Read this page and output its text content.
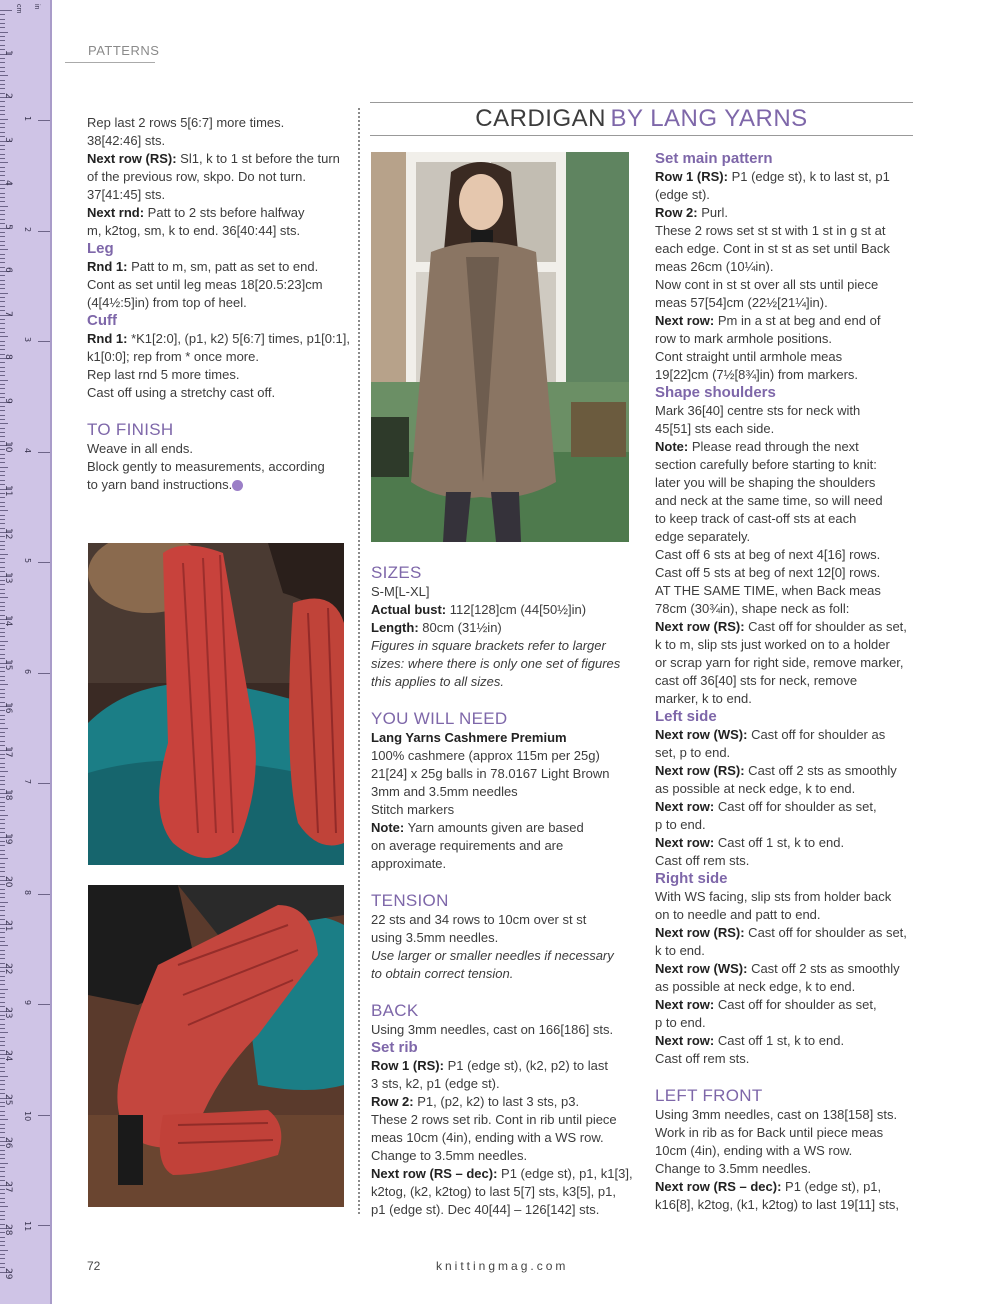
1
2
3
4
5
6
7
8
9
10
11
12
13
14
15
16
17
18
19
20
21
22
23
24
25
26
27
28
29
1
2
3
4
5
6
7
8
9
10
11
cm in
PATTERNS
CARDIGAN BY LANG YARNS

Rep last 2 rows 5[6:7] more times.

38[42:46] sts.

Next row (RS): Sl1, k to 1 st before the turn

of the previous row, skpo. Do not turn.

37[41:45] sts.

Next rnd: Patt to 2 sts before halfway

m, k2tog, sm, k to end. 36[40:44] sts.

Leg

Rnd 1: Patt to m, sm, patt as set to end.

Cont as set until leg meas 18[20.5:23]cm

(4[4½:5]in) from top of heel.

Cuff

Rnd 1: *K1[2:0], (p1, k2) 5[6:7] times, p1[0:1],

k1[0:0]; rep from * once more.

Rep last rnd 5 more times.

Cast off using a stretchy cast off.

TO FINISH

Weave in all ends.

Block gently to measurements, according

to yarn band instructions.

SIZES

S-M[L-XL]

Actual bust: 112[128]cm (44[50½]in)

Length: 80cm (31½in)

Figures in square brackets refer to larger

sizes: where there is only one set of figures

this applies to all sizes.

YOU WILL NEED

Lang Yarns Cashmere Premium

100% cashmere (approx 115m per 25g)

21[24] x 25g balls in 78.0167 Light Brown

3mm and 3.5mm needles

Stitch markers

Note: Yarn amounts given are based

on average requirements and are

approximate.

TENSION

22 sts and 34 rows to 10cm over st st

using 3.5mm needles.

Use larger or smaller needles if necessary

to obtain correct tension.

BACK

Using 3mm needles, cast on 166[186] sts.

Set rib

Row 1 (RS): P1 (edge st), (k2, p2) to last

3 sts, k2, p1 (edge st).

Row 2: P1, (p2, k2) to last 3 sts, p3.

These 2 rows set rib. Cont in rib until piece

meas 10cm (4in), ending with a WS row.

Change to 3.5mm needles.

Next row (RS – dec): P1 (edge st), p1, k1[3],

k2tog, (k2, k2tog) to last 5[7] sts, k3[5], p1,

p1 (edge st). Dec 40[44] – 126[142] sts.

Set main pattern

Row 1 (RS): P1 (edge st), k to last st, p1

(edge st).

Row 2: Purl.

These 2 rows set st st with 1 st in g st at

each edge. Cont in st st as set until Back

meas 26cm (10¼in).

Now cont in st st over all sts until piece

meas 57[54]cm (22½[21¼]in).

Next row: Pm in a st at beg and end of

row to mark armhole positions.

Cont straight until armhole meas

19[22]cm (7½[8¾]in) from markers.

Shape shoulders

Mark 36[40] centre sts for neck with

45[51] sts each side.

Note: Please read through the next

section carefully before starting to knit:

later you will be shaping the shoulders

and neck at the same time, so will need

to keep track of cast-off sts at each

edge separately.

Cast off 6 sts at beg of next 4[16] rows.

Cast off 5 sts at beg of next 12[0] rows.

AT THE SAME TIME, when Back meas

78cm (30¾in), shape neck as foll:

Next row (RS): Cast off for shoulder as set,

k to m, slip sts just worked on to a holder

or scrap yarn for right side, remove marker,

cast off 36[40] sts for neck, remove

marker, k to end.

Left side

Next row (WS): Cast off for shoulder as

set, p to end.

Next row (RS): Cast off 2 sts as smoothly

as possible at neck edge, k to end.

Next row: Cast off for shoulder as set,

p to end.

Next row: Cast off 1 st, k to end.

Cast off rem sts.

Right side

With WS facing, slip sts from holder back

on to needle and patt to end.

Next row (RS): Cast off for shoulder as set,

k to end.

Next row (WS): Cast off 2 sts as smoothly

as possible at neck edge, k to end.

Next row: Cast off for shoulder as set,

p to end.

Next row: Cast off 1 st, k to end.

Cast off rem sts.

LEFT FRONT

Using 3mm needles, cast on 138[158] sts.

Work in rib as for Back until piece meas

10cm (4in), ending with a WS row.

Change to 3.5mm needles.

Next row (RS – dec): P1 (edge st), p1,

k16[8], k2tog, (k1, k2tog) to last 19[11] sts,

72	knittingmag.com
